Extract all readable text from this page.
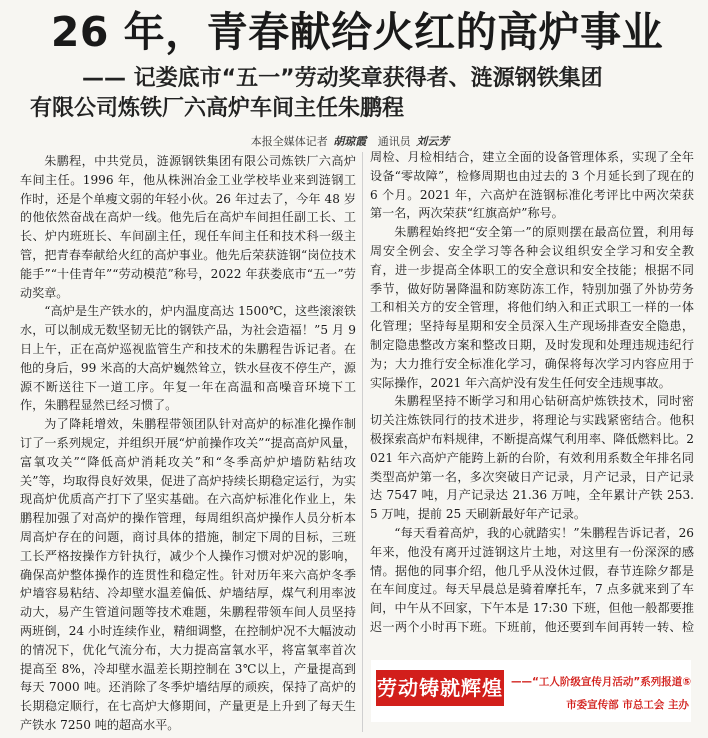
26 年，青春献给火红的高炉事业
—— 记娄底市“五一”劳动奖章获得者、涟源钢铁集团
有限公司炼铁厂六高炉车间主任朱鹏程
本报全媒体记者 胡琼霞 通讯员 刘云芳

朱鹏程，中共党员，涟源钢铁集团有限公司炼铁厂六高炉车间主任。1996 年，他从株洲冶金工业学校毕业来到涟钢工作时，还是个单瘦文弱的年轻小伙。26 年过去了，今年 48 岁的他依然奋战在高炉一线。他先后在高炉车间担任副工长、工长、炉内班班长、车间副主任，现任车间主任和技术科一级主管，把青春奉献给火红的高炉事业。他先后荣获涟钢“岗位技术能手”“十佳青年”“劳动模范”称号，2022 年获娄底市“五一”劳动奖章。

“高炉是生产铁水的，炉内温度高达 1500℃，这些滚滚铁水，可以制成无数坚韧无比的钢铁产品，为社会造福！”5 月 9 日上午，正在高炉巡视监管生产和技术的朱鹏程告诉记者。在他的身后，99 米高的大高炉巍然耸立，铁水昼夜不停生产，源源不断送往下一道工序。年复一年在高温和高噪音环境下工作，朱鹏程显然已经习惯了。

为了降耗增效，朱鹏程带领团队针对高炉的标准化操作制订了一系列规定，并组织开展“炉前操作攻关”“提高高炉风量，富氧攻关”“降低高炉消耗攻关”和“冬季高炉炉墙防粘结攻关”等，均取得良好效果，促进了高炉持续长期稳定运行，为实现高炉优质高产打下了坚实基础。在六高炉标准化作业上，朱鹏程加强了对高炉的操作管理，每周组织高炉操作人员分析本周高炉存在的问题，商讨具体的措施，制定下周的目标，三班工长严格按操作方针执行，减少个人操作习惯对炉况的影响，确保高炉整体操作的连贯性和稳定性。针对历年来六高炉冬季炉墙容易粘结、冷却壁水温差偏低、炉墙结厚，煤气利用率波动大，易产生管道问题等技术难题，朱鹏程带领车间人员坚持两班倒，24 小时连续作业，精细调整，在控制炉况不大幅波动的情况下，优化气流分布，大力提高富氧水平，将富氧率首次提高至 8%，冷却壁水温差长期控制在 3℃以上，产量提高到每天 7000 吨。还消除了冬季炉墙结厚的顽疾，保持了高炉的长期稳定顺行，在七高炉大修期间，产量更是上升到了每天生产铁水 7250 吨的超高水平。

周检、月检相结合，建立全面的设备管理体系，实现了全年设备“零故障”，检修周期也由过去的 3 个月延长到了现在的 6 个月。2021 年，六高炉在涟钢标准化考评比中两次荣获第一名，两次荣获“红旗高炉”称号。

朱鹏程始终把“安全第一”的原则摆在最高位置，利用每周安全例会、安全学习等各种会议组织安全学习和安全教育，进一步提高全体职工的安全意识和安全技能；根据不同季节，做好防暑降温和防寒防冻工作，特别加强了外协劳务工和相关方的安全管理，将他们纳入和正式职工一样的一体化管理；坚持每星期和安全员深入生产现场排查安全隐患，制定隐患整改方案和整改日期，及时发现和处理违规违纪行为；大力推行安全标准化学习，确保将每次学习内容应用于实际操作，2021 年六高炉没有发生任何安全违规事故。

朱鹏程坚持不断学习和用心钻研高炉炼铁技术，同时密切关注炼铁同行的技术进步，将理论与实践紧密结合。他积极探索高炉布料规律，不断提高煤气利用率、降低燃料比。2021 年六高炉产能跨上新的台阶，有效利用系数全年排名同类型高炉第一名，多次突破日产记录，月产记录，日产记录达 7547 吨，月产记录达 21.36 万吨，全年累计产铁 253.5 万吨，提前 25 天刷新最好年产记录。

“每天看着高炉，我的心就踏实！”朱鹏程告诉记者，26 年来，他没有离开过涟钢这片土地，对这里有一份深深的感情。据他的同事介绍，他几乎从没休过假，春节连除夕都是在车间度过。每天早晨总是骑着摩托车，7 点多就来到了车间，中午从不回家，下午本是 17:30 下班，但他一般都要推迟一两个小时再下班。下班前，他还要到车间再转一转、检

劳动铸就辉煌 ——“工人阶级宣传月活动”系列报道⑤
市委宣传部 市总工会 主办
